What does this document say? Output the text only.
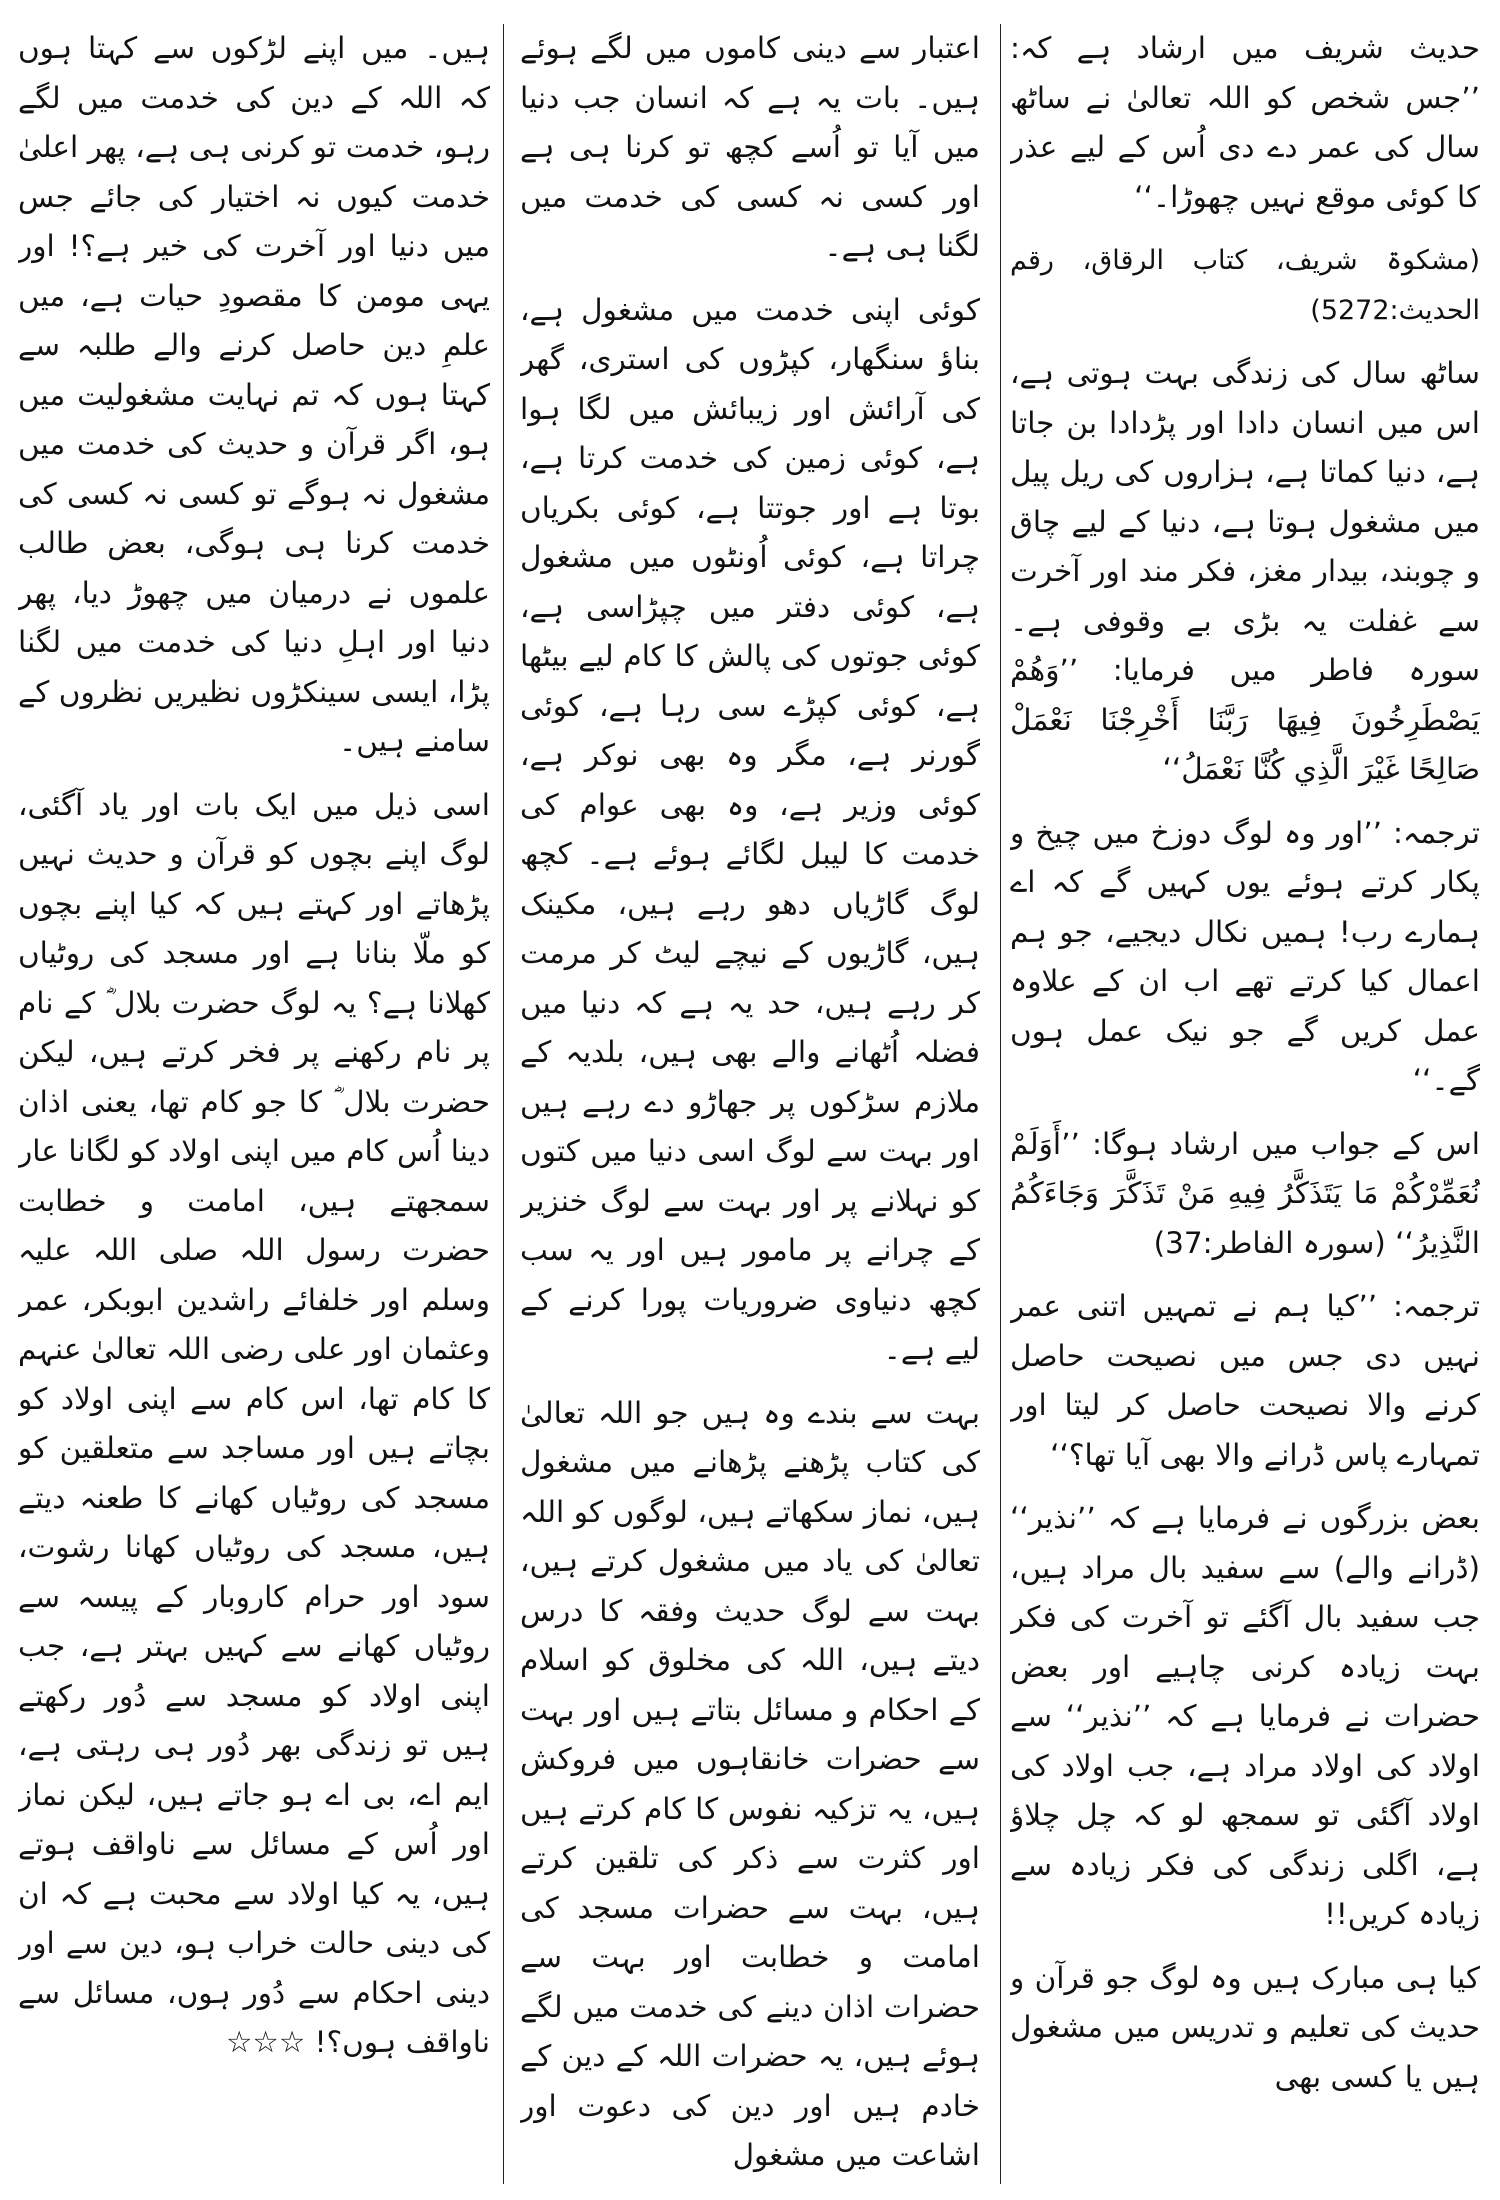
حدیث شریف میں ارشاد ہے کہ: ’’جس شخص کو اللہ تعالیٰ نے ساٹھ سال کی عمر دے دی اُس کے لیے عذر کا کوئی موقع نہیں چھوڑا۔‘‘

(مشکوۃ شریف، کتاب الرقاق، رقم الحدیث:5272)

ساٹھ سال کی زندگی بہت ہوتی ہے، اس میں انسان دادا اور پڑدادا بن جاتا ہے، دنیا کماتا ہے، ہزاروں کی ریل پیل میں مشغول ہوتا ہے، دنیا کے لیے چاق و چوبند، بیدار مغز، فکر مند اور آخرت سے غفلت یہ بڑی بے وقوفی ہے۔ سورہ فاطر میں فرمایا: ’’وَهُمْ يَصْطَرِخُونَ فِيهَا رَبَّنَا أَخْرِجْنَا نَعْمَلْ صَالِحًا غَيْرَ الَّذِي كُنَّا نَعْمَلُ‘‘

ترجمہ: ’’اور وہ لوگ دوزخ میں چیخ و پکار کرتے ہوئے یوں کہیں گے کہ اے ہمارے رب! ہمیں نکال دیجیے، جو ہم اعمال کیا کرتے تھے اب ان کے علاوہ عمل کریں گے جو نیک عمل ہوں گے۔‘‘

اس کے جواب میں ارشاد ہوگا: ’’أَوَلَمْ نُعَمِّرْكُمْ مَا يَتَذَكَّرُ فِيهِ مَنْ تَذَكَّرَ وَجَاءَكُمُ النَّذِيرُ‘‘ (سورہ الفاطر:37)

ترجمہ: ’’کیا ہم نے تمہیں اتنی عمر نہیں دی جس میں نصیحت حاصل کرنے والا نصیحت حاصل کر لیتا اور تمہارے پاس ڈرانے والا بھی آیا تھا؟‘‘

بعض بزرگوں نے فرمایا ہے کہ ’’نذیر‘‘ (ڈرانے والے) سے سفید بال مراد ہیں، جب سفید بال آگئے تو آخرت کی فکر بہت زیادہ کرنی چاہیے اور بعض حضرات نے فرمایا ہے کہ ’’نذیر‘‘ سے اولاد کی اولاد مراد ہے، جب اولاد کی اولاد آگئی تو سمجھ لو کہ چل چلاؤ ہے، اگلی زندگی کی فکر زیادہ سے زیادہ کریں!!

کیا ہی مبارک ہیں وہ لوگ جو قرآن و حدیث کی تعلیم و تدریس میں مشغول ہیں یا کسی بھی

اعتبار سے دینی کاموں میں لگے ہوئے ہیں۔ بات یہ ہے کہ انسان جب دنیا میں آیا تو اُسے کچھ تو کرنا ہی ہے اور کسی نہ کسی کی خدمت میں لگنا ہی ہے۔

کوئی اپنی خدمت میں مشغول ہے، بناؤ سنگھار، کپڑوں کی استری، گھر کی آرائش اور زیبائش میں لگا ہوا ہے، کوئی زمین کی خدمت کرتا ہے، بوتا ہے اور جوتتا ہے، کوئی بکریاں چراتا ہے، کوئی اُونٹوں میں مشغول ہے، کوئی دفتر میں چپڑاسی ہے، کوئی جوتوں کی پالش کا کام لیے بیٹھا ہے، کوئی کپڑے سی رہا ہے، کوئی گورنر ہے، مگر وہ بھی نوکر ہے، کوئی وزیر ہے، وہ بھی عوام کی خدمت کا لیبل لگائے ہوئے ہے۔ کچھ لوگ گاڑیاں دھو رہے ہیں، مکینک ہیں، گاڑیوں کے نیچے لیٹ کر مرمت کر رہے ہیں، حد یہ ہے کہ دنیا میں فضلہ اُٹھانے والے بھی ہیں، بلدیہ کے ملازم سڑکوں پر جھاڑو دے رہے ہیں اور بہت سے لوگ اسی دنیا میں کتوں کو نہلانے پر اور بہت سے لوگ خنزیر کے چرانے پر مامور ہیں اور یہ سب کچھ دنیاوی ضروریات پورا کرنے کے لیے ہے۔

بہت سے بندے وہ ہیں جو اللہ تعالیٰ کی کتاب پڑھنے پڑھانے میں مشغول ہیں، نماز سکھاتے ہیں، لوگوں کو اللہ تعالیٰ کی یاد میں مشغول کرتے ہیں، بہت سے لوگ حدیث وفقہ کا درس دیتے ہیں، اللہ کی مخلوق کو اسلام کے احکام و مسائل بتاتے ہیں اور بہت سے حضرات خانقاہوں میں فروکش ہیں، یہ تزکیہ نفوس کا کام کرتے ہیں اور کثرت سے ذکر کی تلقین کرتے ہیں، بہت سے حضرات مسجد کی امامت و خطابت اور بہت سے حضرات اذان دینے کی خدمت میں لگے ہوئے ہیں، یہ حضرات اللہ کے دین کے خادم ہیں اور دین کی دعوت اور اشاعت میں مشغول

ہیں۔ میں اپنے لڑکوں سے کہتا ہوں کہ اللہ کے دین کی خدمت میں لگے رہو، خدمت تو کرنی ہی ہے، پھر اعلیٰ خدمت کیوں نہ اختیار کی جائے جس میں دنیا اور آخرت کی خیر ہے؟! اور یہی مومن کا مقصودِ حیات ہے، میں علمِ دین حاصل کرنے والے طلبہ سے کہتا ہوں کہ تم نہایت مشغولیت میں ہو، اگر قرآن و حدیث کی خدمت میں مشغول نہ ہوگے تو کسی نہ کسی کی خدمت کرنا ہی ہوگی، بعض طالب علموں نے درمیان میں چھوڑ دیا، پھر دنیا اور اہلِ دنیا کی خدمت میں لگنا پڑا، ایسی سینکڑوں نظیریں نظروں کے سامنے ہیں۔

اسی ذیل میں ایک بات اور یاد آگئی، لوگ اپنے بچوں کو قرآن و حدیث نہیں پڑھاتے اور کہتے ہیں کہ کیا اپنے بچوں کو ملّا بنانا ہے اور مسجد کی روٹیاں کھلانا ہے؟ یہ لوگ حضرت بلال ؓ کے نام پر نام رکھنے پر فخر کرتے ہیں، لیکن حضرت بلال ؓ کا جو کام تھا، یعنی اذان دینا اُس کام میں اپنی اولاد کو لگانا عار سمجھتے ہیں، امامت و خطابت حضرت رسول اللہ صلی اللہ علیہ وسلم اور خلفائے راشدین ابوبکر، عمر وعثمان اور علی رضی اللہ تعالیٰ عنہم کا کام تھا، اس کام سے اپنی اولاد کو بچاتے ہیں اور مساجد سے متعلقین کو مسجد کی روٹیاں کھانے کا طعنہ دیتے ہیں، مسجد کی روٹیاں کھانا رشوت، سود اور حرام کاروبار کے پیسہ سے روٹیاں کھانے سے کہیں بہتر ہے، جب اپنی اولاد کو مسجد سے دُور رکھتے ہیں تو زندگی بھر دُور ہی رہتی ہے، ایم اے، بی اے ہو جاتے ہیں، لیکن نماز اور اُس کے مسائل سے ناواقف ہوتے ہیں، یہ کیا اولاد سے محبت ہے کہ ان کی دینی حالت خراب ہو، دین سے اور دینی احکام سے دُور ہوں، مسائل سے ناواقف ہوں؟! ☆☆☆
